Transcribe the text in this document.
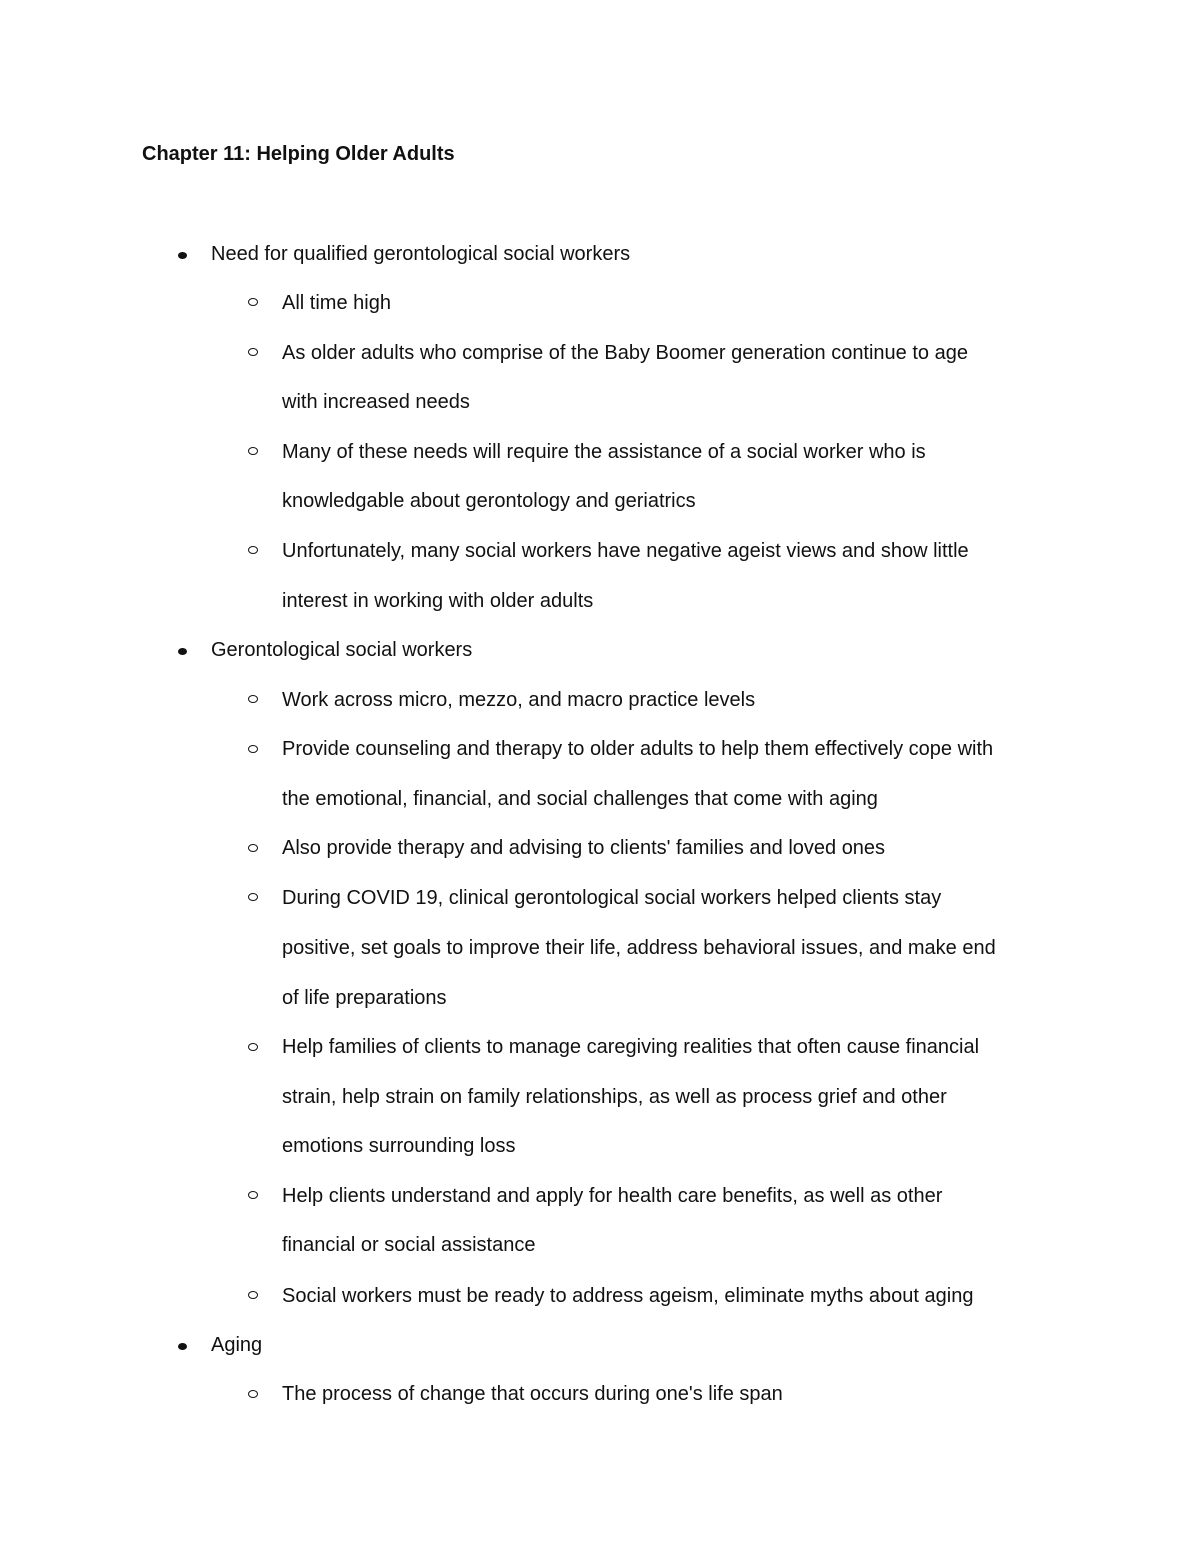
Chapter 11: Helping Older Adults
Need for qualified gerontological social workers
All time high
As older adults who comprise of the Baby Boomer generation continue to age
with increased needs
Many of these needs will require the assistance of a social worker who is
knowledgable about gerontology and geriatrics
Unfortunately, many social workers have negative ageist views and show little
interest in working with older adults
Gerontological social workers
Work across micro, mezzo, and macro practice levels
Provide counseling and therapy to older adults to help them effectively cope with
the emotional, financial, and social challenges that come with aging
Also provide therapy and advising to clients' families and loved ones
During COVID 19, clinical gerontological social workers helped clients stay
positive, set goals to improve their life, address behavioral issues, and make end
of life preparations
Help families of clients to manage caregiving realities that often cause financial
strain, help strain on family relationships, as well as process grief and other
emotions surrounding loss
Help clients understand and apply for health care benefits, as well as other
financial or social assistance
Social workers must be ready to address ageism, eliminate myths about aging
Aging
The process of change that occurs during one's life span
